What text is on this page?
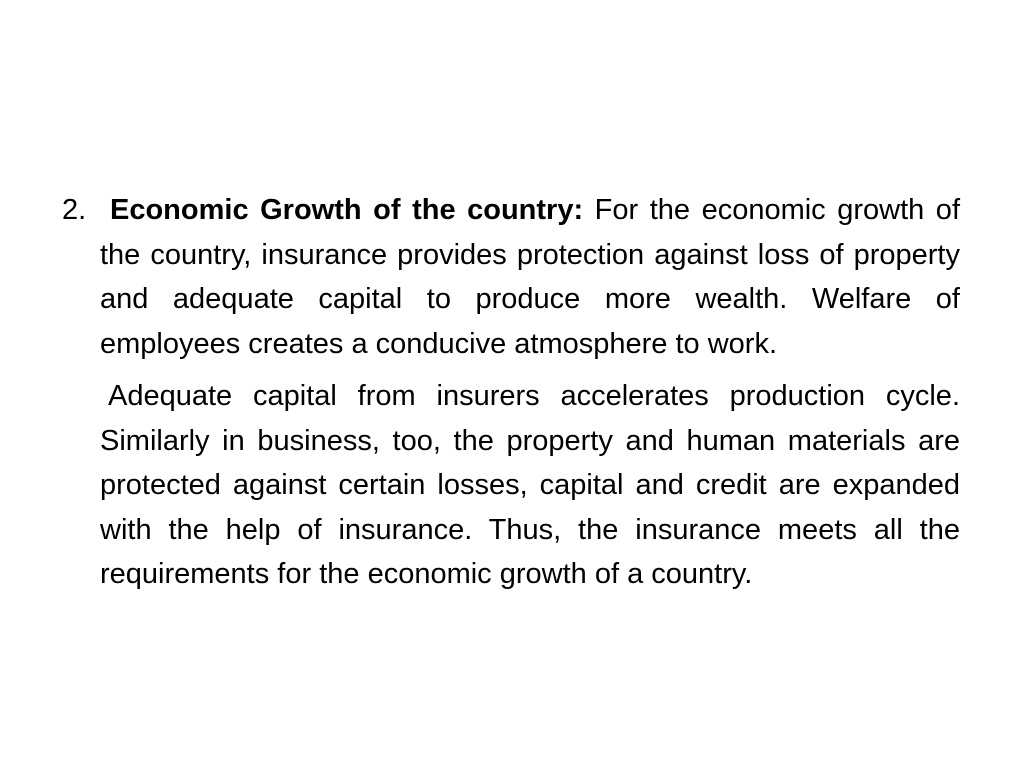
2. Economic Growth of the country: For the economic growth of the country, insurance provides protection against loss of property and adequate capital to produce more wealth. Welfare of employees creates a conducive atmosphere to work.

Adequate capital from insurers accelerates production cycle. Similarly in business, too, the property and human materials are protected against certain losses, capital and credit are expanded with the help of insurance. Thus, the insurance meets all the requirements for the economic growth of a country.
